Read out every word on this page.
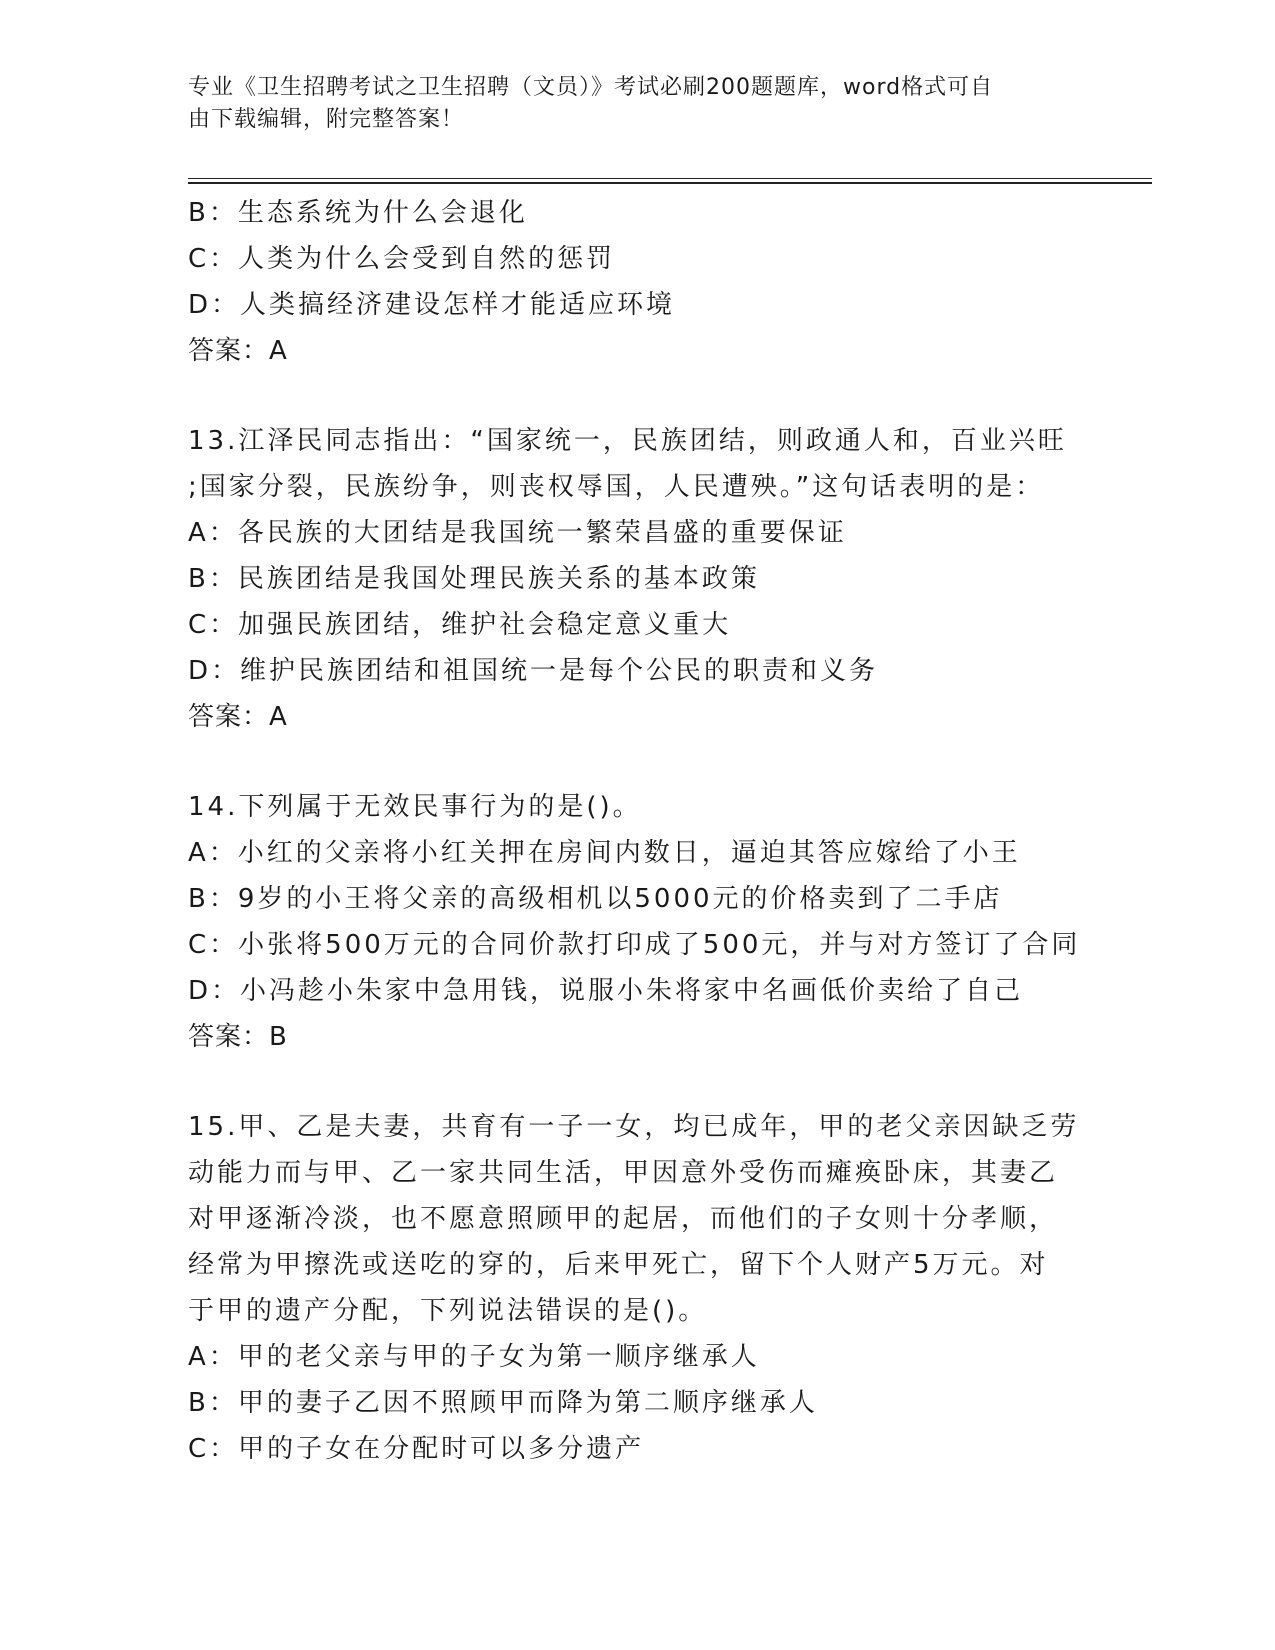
专业《卫生招聘考试之卫生招聘（文员）》考试必刷200题题库，word格式可自
由下载编辑，附完整答案！
B：生态系统为什么会退化
C：人类为什么会受到自然的惩罚
D：人类搞经济建设怎样才能适应环境
答案：A
13.江泽民同志指出：“国家统一，民族团结，则政通人和，百业兴旺
;国家分裂，民族纷争，则丧权辱国，人民遭殃。”这句话表明的是：
A：各民族的大团结是我国统一繁荣昌盛的重要保证
B：民族团结是我国处理民族关系的基本政策
C：加强民族团结，维护社会稳定意义重大
D：维护民族团结和祖国统一是每个公民的职责和义务
答案：A
14.下列属于无效民事行为的是()。
A：小红的父亲将小红关押在房间内数日，逼迫其答应嫁给了小王
B：9岁的小王将父亲的高级相机以5000元的价格卖到了二手店
C：小张将500万元的合同价款打印成了500元，并与对方签订了合同
D：小冯趁小朱家中急用钱，说服小朱将家中名画低价卖给了自己
答案：B
15.甲、乙是夫妻，共育有一子一女，均已成年，甲的老父亲因缺乏劳
动能力而与甲、乙一家共同生活，甲因意外受伤而瘫痪卧床，其妻乙
对甲逐渐冷淡，也不愿意照顾甲的起居，而他们的子女则十分孝顺，
经常为甲擦洗或送吃的穿的，后来甲死亡，留下个人财产5万元。对
于甲的遗产分配，下列说法错误的是()。
A：甲的老父亲与甲的子女为第一顺序继承人
B：甲的妻子乙因不照顾甲而降为第二顺序继承人
C：甲的子女在分配时可以多分遗产
